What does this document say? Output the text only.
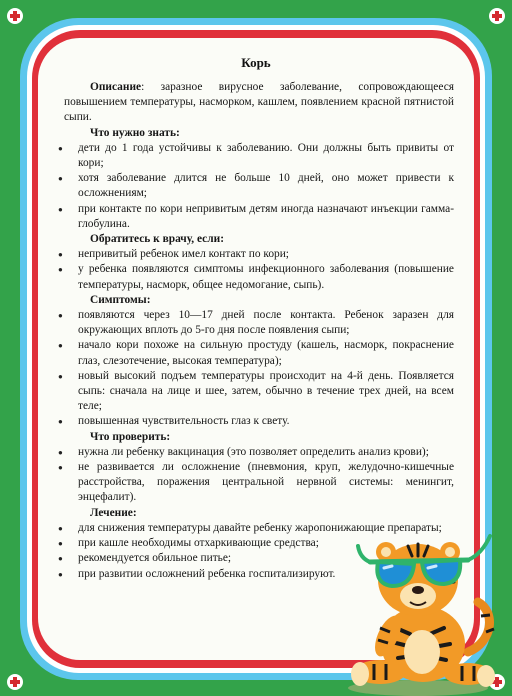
Корь

Описание: заразное вирусное заболевание, сопровождающееся повышением температуры, насморком, кашлем, появлением красной пятнистой сыпи.

Что нужно знать:

● дети до 1 года устойчивы к заболеванию. Они должны быть привиты от кори;

● хотя заболевание длится не больше 10 дней, оно может привести к осложнениям;

● при контакте по кори непривитым детям иногда назначают инъекции гамма-глобулина.

Обратитесь к врачу, если:

● непривитый ребенок имел контакт по кори;

● у ребенка появляются симптомы инфекционного заболевания (повышение температуры, насморк, общее недомогание, сыпь).

Симптомы:

● появляются через 10—17 дней после контакта. Ребенок заразен для окружающих вплоть до 5-го дня после появления сыпи;

● начало кори похоже на сильную простуду (кашель, насморк, покраснение глаз, слезотечение, высокая температура);

● новый высокий подъем температуры происходит на 4-й день. Появляется сыпь: сначала на лице и шее, затем, обычно в течение трех дней, на всем теле;

● повышенная чувствительность глаз к свету.

Что проверить:

● нужна ли ребенку вакцинация (это позволяет определить анализ крови);

● не развивается ли осложнение (пневмония, круп, желудочно-кишечные расстройства, поражения центральной нервной системы: менингит, энцефалит).

Лечение:

● для снижения температуры давайте ребенку жаропонижающие препараты;

● при кашле необходимы отхаркивающие средства;

● рекомендуется обильное питье;

● при развитии осложнений ребенка госпитализируют.
